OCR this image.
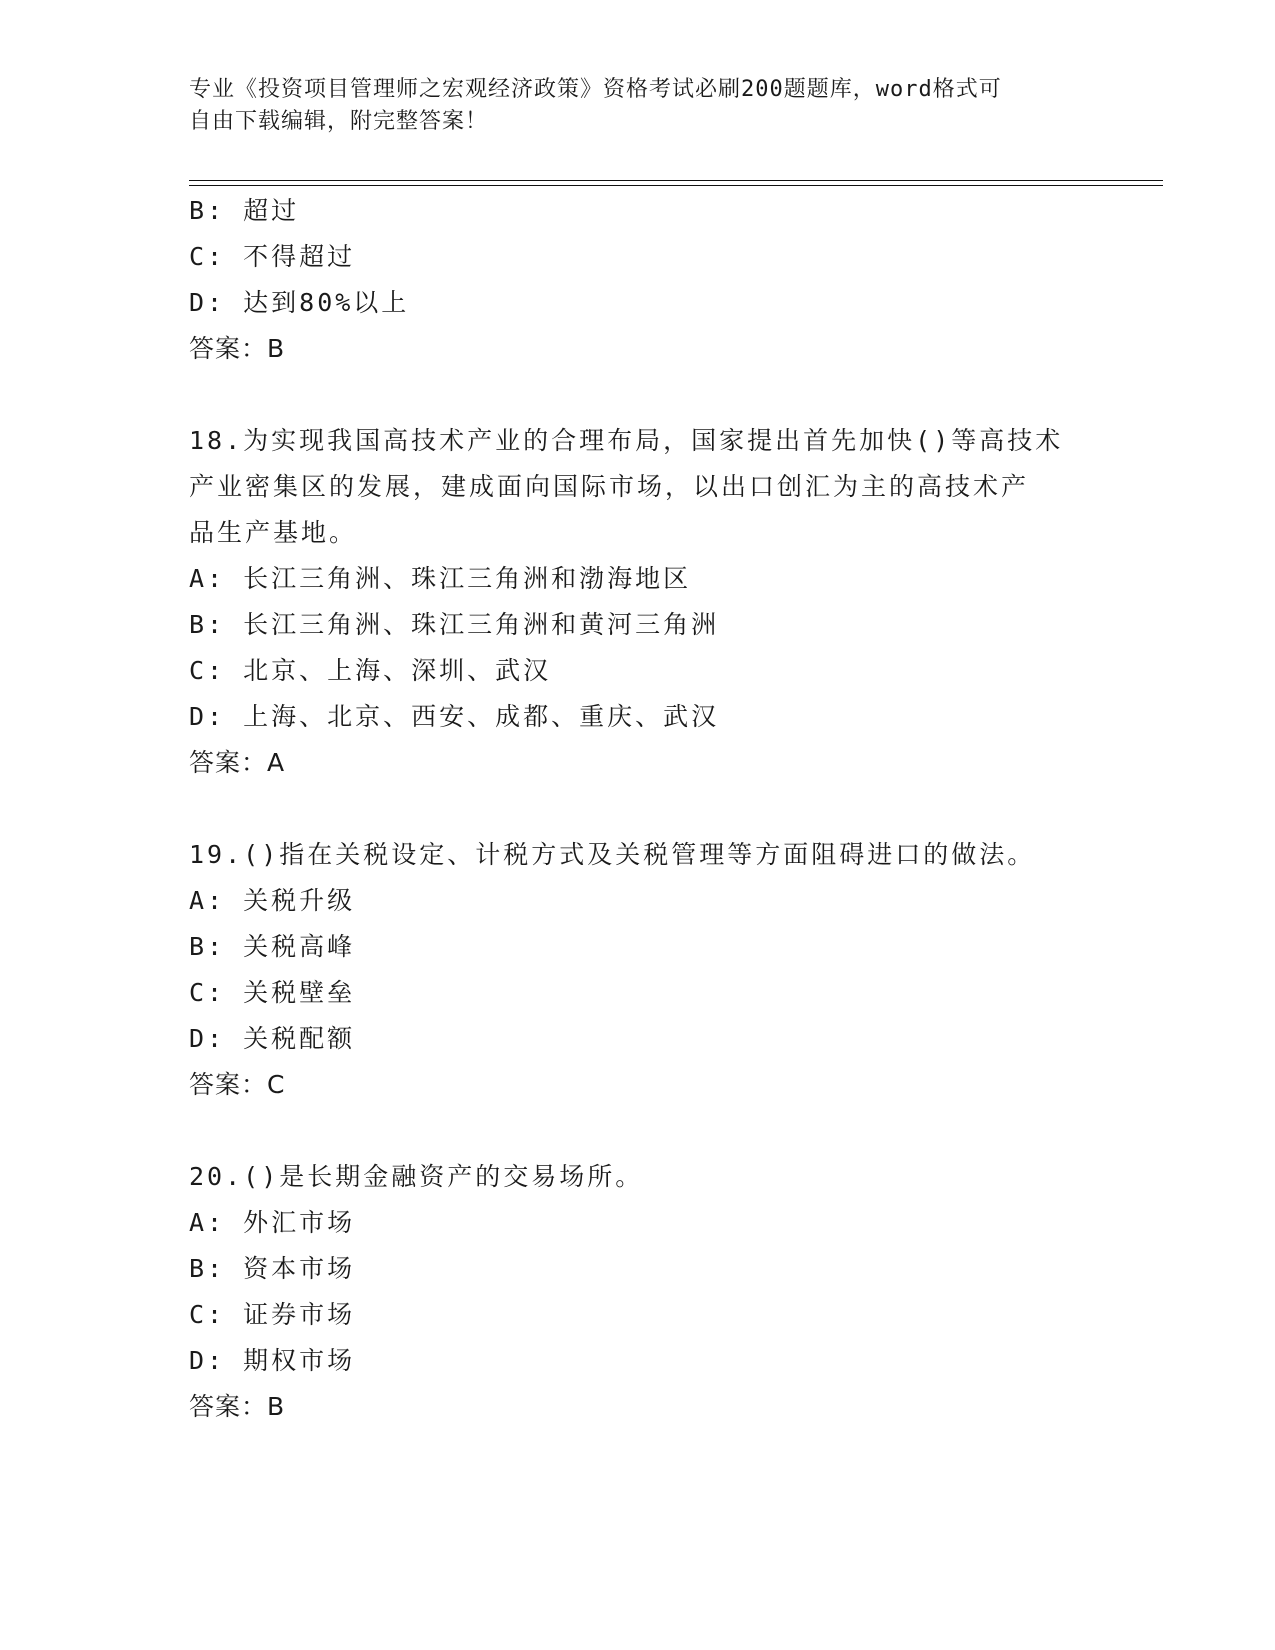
专业《投资项目管理师之宏观经济政策》资格考试必刷200题题库，word格式可
自由下载编辑，附完整答案！
B: 超过
C: 不得超过
D: 达到80%以上
答案：B
18.为实现我国高技术产业的合理布局，国家提出首先加快()等高技术
产业密集区的发展，建成面向国际市场，以出口创汇为主的高技术产
品生产基地。
A: 长江三角洲、珠江三角洲和渤海地区
B: 长江三角洲、珠江三角洲和黄河三角洲
C: 北京、上海、深圳、武汉
D: 上海、北京、西安、成都、重庆、武汉
答案：A
19.()指在关税设定、计税方式及关税管理等方面阻碍进口的做法。
A: 关税升级
B: 关税高峰
C: 关税壁垒
D: 关税配额
答案：C
20.()是长期金融资产的交易场所。
A: 外汇市场
B: 资本市场
C: 证券市场
D: 期权市场
答案：B
